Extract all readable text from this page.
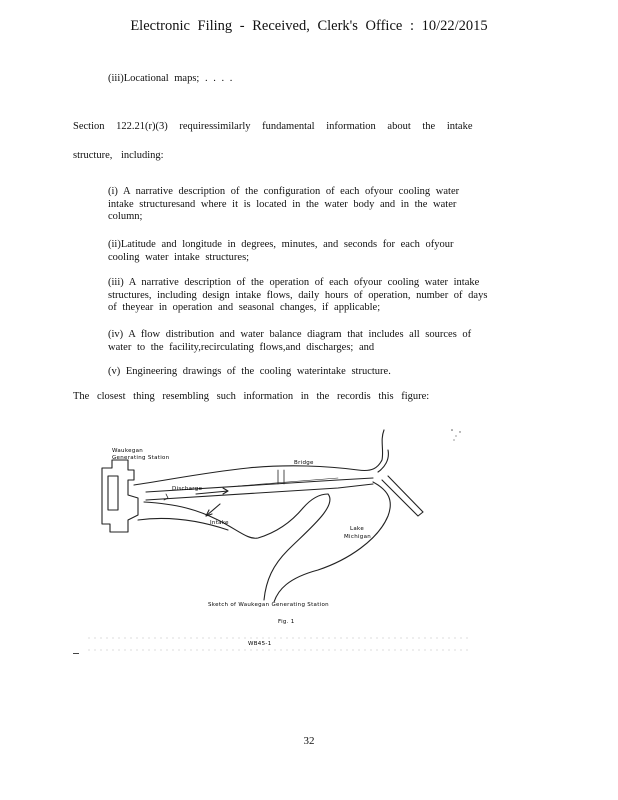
Electronic Filing - Received, Clerk's Office : 10/22/2015
(iii)Locational maps; . . . .
Section 122.21(r)(3) requiressimilarly fundamental information about the intake
structure, including:
(i) A narrative description of the configuration of each ofyour cooling water
intake structuresand where it is located in the water body and in the water
column;
(ii)Latitude and longitude in degrees, minutes, and seconds for each ofyour
cooling water intake structures;
(iii) A narrative description of the operation of each ofyour cooling water intake
structures, including design intake flows, daily hours of operation, number of days
of theyear in operation and seasonal changes, if applicable;
(iv) A flow distribution and water balance diagram that includes all sources of
water to the facility,recirculating flows,and discharges; and
(v) Engineering drawings of the cooling waterintake structure.
The closest thing resembling such information in the recordis this figure:
Waukegan
Generating Station
Bridge
Discharge
Intake
Lake
Michigan
Sketch of Waukegan Generating Station
Fig. 1
WB45-1
32
